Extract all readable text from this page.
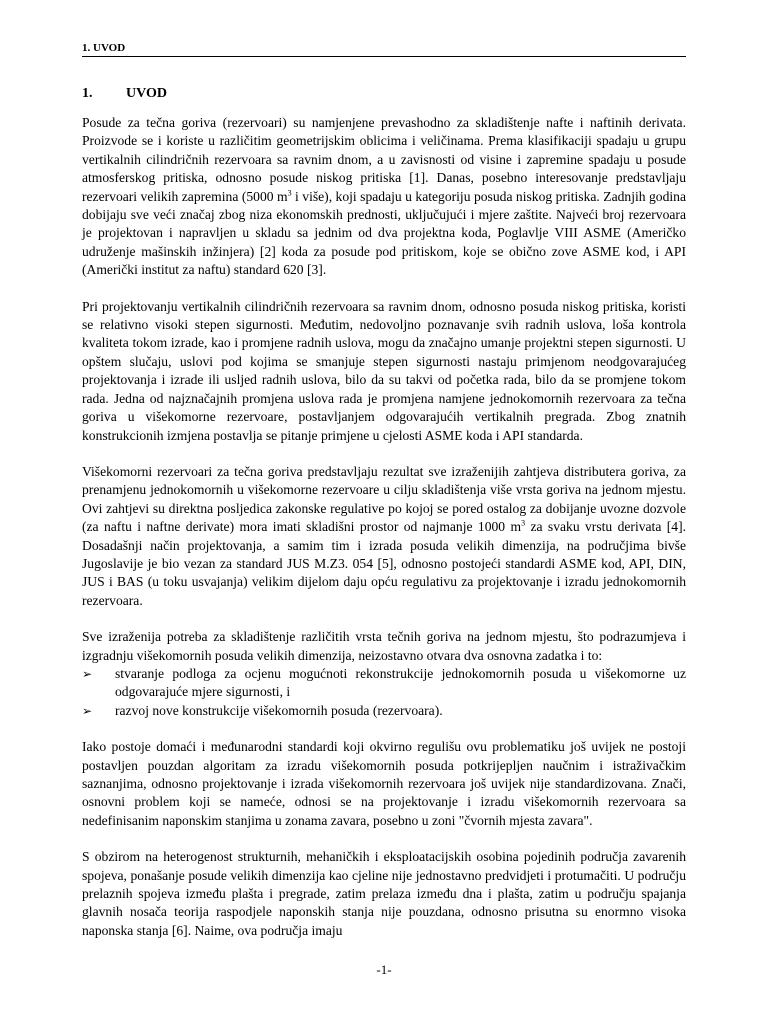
1. UVOD
1. UVOD

Posude za tečna goriva (rezervoari) su namjenjene prevashodno za skladištenje nafte i naftinih derivata. Proizvode se i koriste u različitim geometrijskim oblicima i veličinama. Prema klasifikaciji spadaju u grupu vertikalnih cilindričnih rezervoara sa ravnim dnom, a u zavisnosti od visine i zapremine spadaju u posude atmosferskog pritiska, odnosno posude niskog pritiska [1]. Danas, posebno interesovanje predstavljaju rezervoari velikih zapremina (5000 $m^3$ i više), koji spadaju u kategoriju posuda niskog pritiska. Zadnjih godina dobijaju sve veći značaj zbog niza ekonomskih prednosti, uključujući i mjere zaštite. Najveći broj rezervoara je projektovan i napravljen u skladu sa jednim od dva projektna koda, Poglavlje VIII ASME (Američko udruženje mašinskih inžinjera) [2] koda za posude pod pritiskom, koje se obično zove ASME kod, i API (Američki institut za naftu) standard 620 [3].

Pri projektovanju vertikalnih cilindričnih rezervoara sa ravnim dnom, odnosno posuda niskog pritiska, koristi se relativno visoki stepen sigurnosti. Međutim, nedovoljno poznavanje svih radnih uslova, loša kontrola kvaliteta tokom izrade, kao i promjene radnih uslova, mogu da značajno umanje projektni stepen sigurnosti. U opštem slučaju, uslovi pod kojima se smanjuje stepen sigurnosti nastaju primjenom neodgovarajućeg projektovanja i izrade ili usljed radnih uslova, bilo da su takvi od početka rada, bilo da se promjene tokom rada. Jedna od najznačajnih promjena uslova rada je promjena namjene jednokomornih rezervoara za tečna goriva u višekomorne rezervoare, postavljanjem odgovarajućih vertikalnih pregrada. Zbog znatnih konstrukcionih izmjena postavlja se pitanje primjene u cjelosti ASME koda i API standarda.

Višekomorni rezervoari za tečna goriva predstavljaju rezultat sve izraženijih zahtjeva distributera goriva, za prenamjenu jednokomornih u višekomorne rezervoare u cilju skladištenja više vrsta goriva na jednom mjestu. Ovi zahtjevi su direktna posljedica zakonske regulative po kojoj se pored ostalog za dobijanje uvozne dozvole (za naftu i naftne derivate) mora imati skladišni prostor od najmanje 1000 $m^3$ za svaku vrstu derivata [4]. Dosadašnji način projektovanja, a samim tim i izrada posuda velikih dimenzija, na područjima bivše Jugoslavije je bio vezan za standard JUS M.Z3. 054 [5], odnosno postojeći standardi ASME kod, API, DIN, JUS i BAS (u toku usvajanja) velikim dijelom daju opću regulativu za projektovanje i izradu jednokomornih rezervoara.

Sve izraženija potreba za skladištenje različitih vrsta tečnih goriva na jednom mjestu, što podrazumjeva i izgradnju višekomornih posuda velikih dimenzija, neizostavno otvara dva osnovna zadatka i to:

➢ stvaranje podloga za ocjenu mogućnoti rekonstrukcije jednokomornih posuda u višekomorne uz odgovarajuće mjere sigurnosti, i
➢ razvoj nove konstrukcije višekomornih posuda (rezervoara).

Iako postoje domaći i međunarodni standardi koji okvirno regulišu ovu problematiku još uvijek ne postoji postavljen pouzdan algoritam za izradu višekomornih posuda potkrijepljen naučnim i istraživačkim saznanjima, odnosno projektovanje i izrada višekomornih rezervoara još uvijek nije standardizovana. Znači, osnovni problem koji se nameće, odnosi se na projektovanje i izradu višekomornih rezervoara sa nedefinisanim naponskim stanjima u zonama zavara, posebno u zoni "čvornih mjesta zavara".

S obzirom na heterogenost strukturnih, mehaničkih i eksploatacijskih osobina pojedinih područja zavarenih spojeva, ponašanje posude velikih dimenzija kao cjeline nije jednostavno predvidjeti i protumačiti. U području prelaznih spojeva između plašta i pregrade, zatim prelaza između dna i plašta, zatim u području spajanja glavnih nosača teorija raspodjele naponskih stanja nije pouzdana, odnosno prisutna su enormno visoka naponska stanja [6]. Naime, ova područja imaju

-1-
